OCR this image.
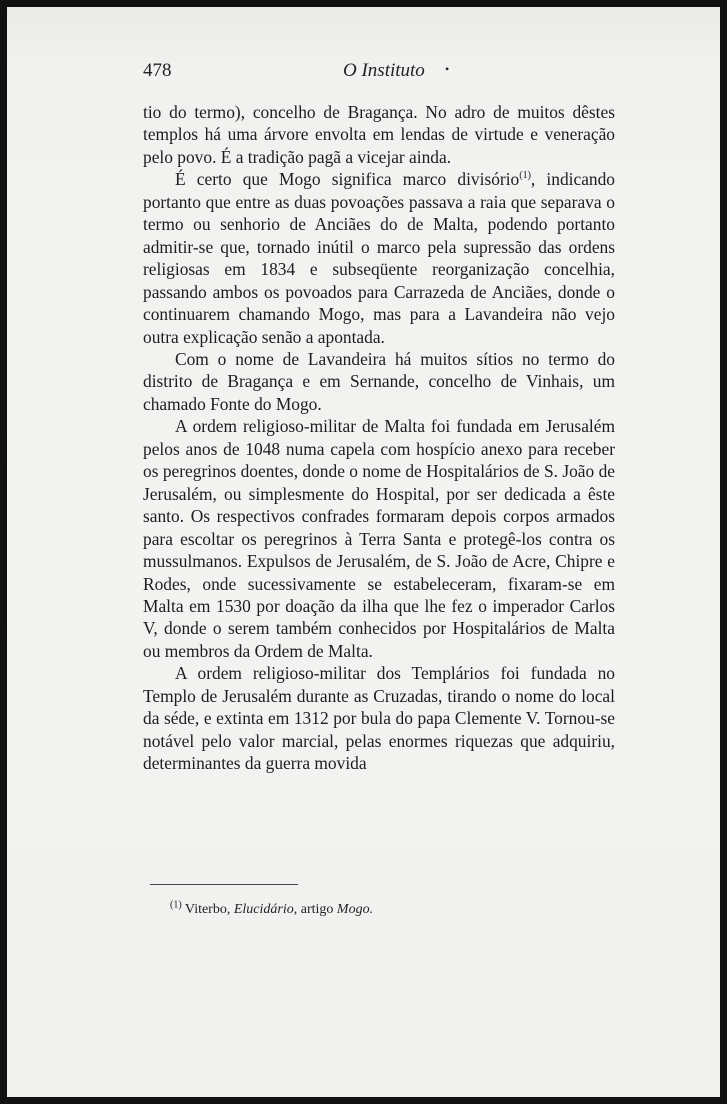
478	O Instituto •

tio do termo), concelho de Bragança. No adro de muitos dêstes templos há uma árvore envolta em lendas de virtude e veneração pelo povo. É a tradição pagã a vicejar ainda.

É certo que Mogo significa marco divisório$^{(1)}$, indicando portanto que entre as duas povoações passava a raia que separava o termo ou senhorio de Anciães do de Malta, podendo portanto admitir-se que, tornado inútil o marco pela supressão das ordens religiosas em 1834 e subseqüente reorganização concelhia, passando ambos os povoados para Carrazeda de Anciães, donde o continuarem chamando Mogo, mas para a Lavandeira não vejo outra explicação senão a apontada.

Com o nome de Lavandeira há muitos sítios no termo do distrito de Bragança e em Sernande, concelho de Vinhais, um chamado Fonte do Mogo.

A ordem religioso-militar de Malta foi fundada em Jerusalém pelos anos de 1048 numa capela com hospício anexo para receber os peregrinos doentes, donde o nome de Hospitalários de S. João de Jerusalém, ou simplesmente do Hospital, por ser dedicada a êste santo. Os respectivos confrades formaram depois corpos armados para escoltar os peregrinos à Terra Santa e protegê-los contra os mussulmanos. Expulsos de Jerusalém, de S. João de Acre, Chipre e Rodes, onde sucessivamente se estabeleceram, fixaram-se em Malta em 1530 por doação da ilha que lhe fez o imperador Carlos V, donde o serem também conhecidos por Hospitalários de Malta ou membros da Ordem de Malta.

A ordem religioso-militar dos Templários foi fundada no Templo de Jerusalém durante as Cruzadas, tirando o nome do local da séde, e extinta em 1312 por bula do papa Clemente V. Tornou-se notável pelo valor marcial, pelas enormes riquezas que adquiriu, determinantes da guerra movida

$^{(1)}$ Viterbo, Elucidário, artigo Mogo.
